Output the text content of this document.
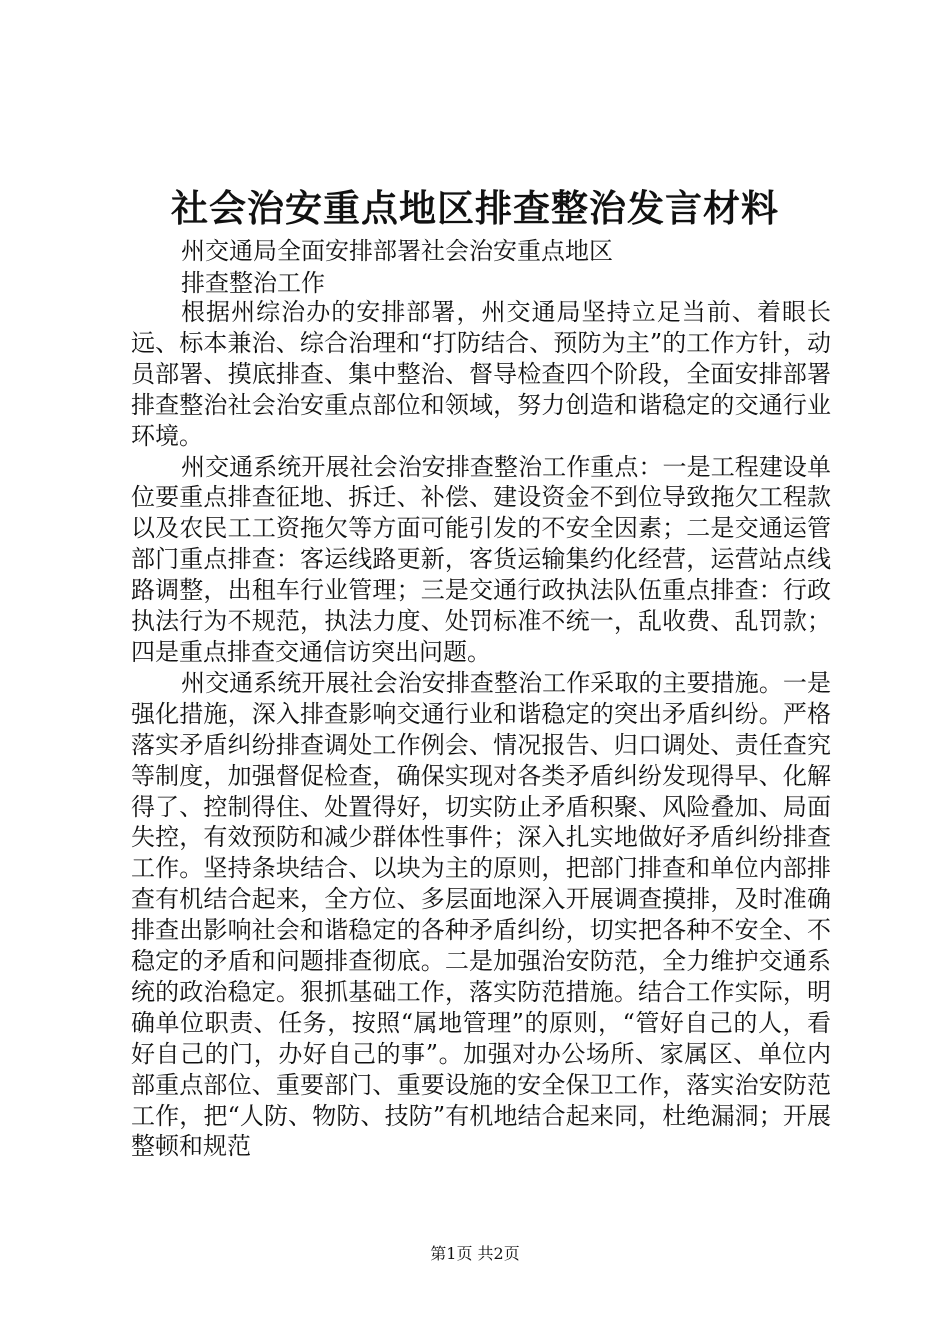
社会治安重点地区排查整治发言材料

州交通局全面安排部署社会治安重点地区

排查整治工作

根据州综治办的安排部署，州交通局坚持立足当前、着眼长远、标本兼治、综合治理和“打防结合、预防为主”的工作方针，动员部署、摸底排查、集中整治、督导检查四个阶段，全面安排部署排查整治社会治安重点部位和领域，努力创造和谐稳定的交通行业环境。

州交通系统开展社会治安排查整治工作重点：一是工程建设单位要重点排查征地、拆迁、补偿、建设资金不到位导致拖欠工程款以及农民工工资拖欠等方面可能引发的不安全因素；二是交通运管部门重点排查：客运线路更新，客货运输集约化经营，运营站点线路调整，出租车行业管理；三是交通行政执法队伍重点排查：行政执法行为不规范，执法力度、处罚标准不统一，乱收费、乱罚款；四是重点排查交通信访突出问题。

州交通系统开展社会治安排查整治工作采取的主要措施。一是强化措施，深入排查影响交通行业和谐稳定的突出矛盾纠纷。严格落实矛盾纠纷排查调处工作例会、情况报告、归口调处、责任查究等制度，加强督促检查，确保实现对各类矛盾纠纷发现得早、化解得了、控制得住、处置得好，切实防止矛盾积聚、风险叠加、局面失控，有效预防和减少群体性事件；深入扎实地做好矛盾纠纷排查工作。坚持条块结合、以块为主的原则，把部门排查和单位内部排查有机结合起来，全方位、多层面地深入开展调查摸排，及时准确排查出影响社会和谐稳定的各种矛盾纠纷，切实把各种不安全、不稳定的矛盾和问题排查彻底。二是加强治安防范，全力维护交通系统的政治稳定。狠抓基础工作，落实防范措施。结合工作实际，明确单位职责、任务，按照“属地管理”的原则，“管好自己的人，看好自己的门，办好自己的事”。加强对办公场所、家属区、单位内部重点部位、重要部门、重要设施的安全保卫工作，落实治安防范工作，把“人防、物防、技防”有机地结合起来同，杜绝漏洞；开展整顿和规范

第1页 共2页
